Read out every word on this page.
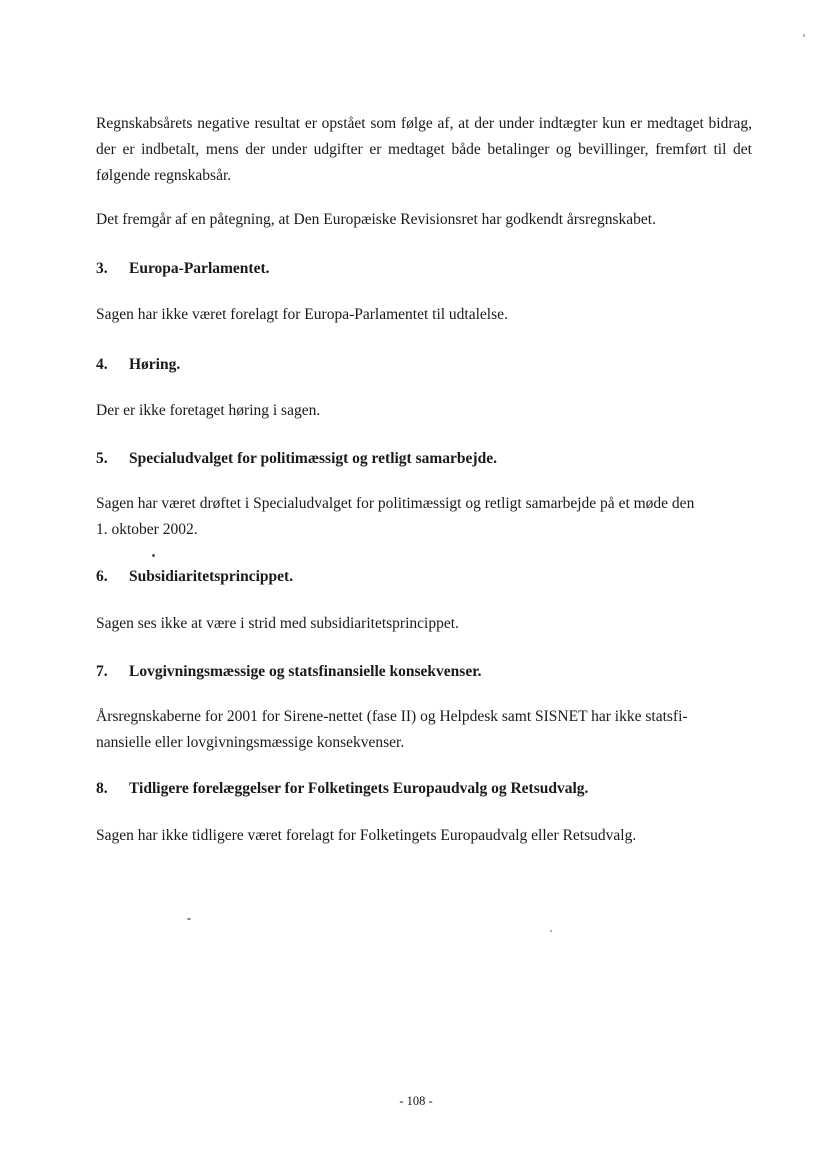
Regnskabsårets negative resultat er opstået som følge af, at der under indtægter kun er medtaget bidrag, der er indbetalt, mens der under udgifter er medtaget både betalinger og bevillinger, fremført til det følgende regnskabsår.
Det fremgår af en påtegning, at Den Europæiske Revisionsret har godkendt årsregnskabet.
3. Europa-Parlamentet.
Sagen har ikke været forelagt for Europa-Parlamentet til udtalelse.
4. Høring.
Der er ikke foretaget høring i sagen.
5. Specialudvalget for politimæssigt og retligt samarbejde.
Sagen har været drøftet i Specialudvalget for politimæssigt og retligt samarbejde på et møde den
1. oktober 2002.
6. Subsidiaritetsprincippet.
Sagen ses ikke at være i strid med subsidiaritetsprincippet.
7. Lovgivningsmæssige og statsfinansielle konsekvenser.
Årsregnskaberne for 2001 for Sirene-nettet (fase II) og Helpdesk samt SISNET har ikke statsfi-
nansielle eller lovgivningsmæssige konsekvenser.
8. Tidligere forelæggelser for Folketingets Europaudvalg og Retsudvalg.
Sagen har ikke tidligere været forelagt for Folketingets Europaudvalg eller Retsudvalg.
- 108 -
